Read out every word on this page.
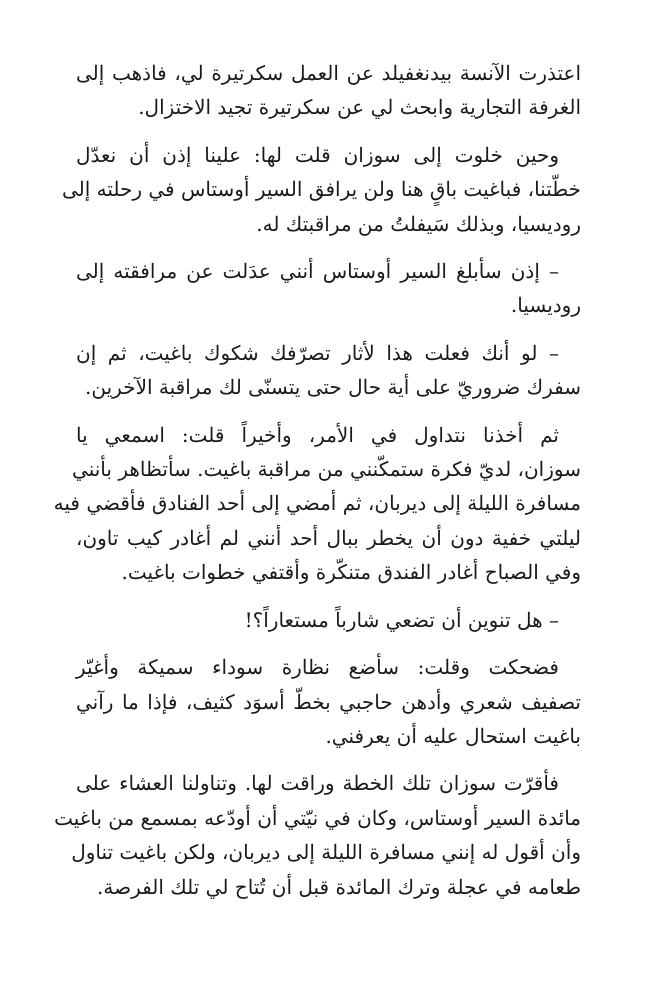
اعتذرت الآنسة بيدنغفيلد عن العمل سكرتيرة لي، فاذهب إلى
الغرفة التجارية وابحث لي عن سكرتيرة تجيد الاختزال.
وحين خلوت إلى سوزان قلت لها: علينا إذن أن نعدّل
خطّتنا، فباغيت باقٍ هنا ولن يرافق السير أوستاس في رحلته إلى
روديسيا، وبذلك سَيفلتُ من مراقبتك له.
– إذن سأبلغ السير أوستاس أنني عدَلت عن مرافقته إلى
روديسيا.
– لو أنك فعلت هذا لأثار تصرّفك شكوك باغيت، ثم إن
سفرك ضروريّ على أية حال حتى يتسنّى لك مراقبة الآخرين.
ثم أخذنا نتداول في الأمر، وأخيراً قلت: اسمعي يا
سوزان، لديّ فكرة ستمكّنني من مراقبة باغيت. سأتظاهر بأنني
مسافرة الليلة إلى ديربان، ثم أمضي إلى أحد الفنادق فأقضي فيه
ليلتي خفية دون أن يخطر ببال أحد أنني لم أغادر كيب تاون،
وفي الصباح أغادر الفندق متنكّرة وأقتفي خطوات باغيت.
– هل تنوين أن تضعي شارباً مستعاراً؟!
فضحكت وقلت: سأضع نظارة سوداء سميكة وأغيّر
تصفيف شعري وأدهن حاجبي بخطّ أسوَد كثيف، فإذا ما رآني
باغيت استحال عليه أن يعرفني.
فأقرّت سوزان تلك الخطة وراقت لها. وتناولنا العشاء على
مائدة السير أوستاس، وكان في نيّتي أن أودّعه بمسمع من باغيت
وأن أقول له إنني مسافرة الليلة إلى ديربان، ولكن باغيت تناول
طعامه في عجلة وترك المائدة قبل أن تُتاح لي تلك الفرصة.
